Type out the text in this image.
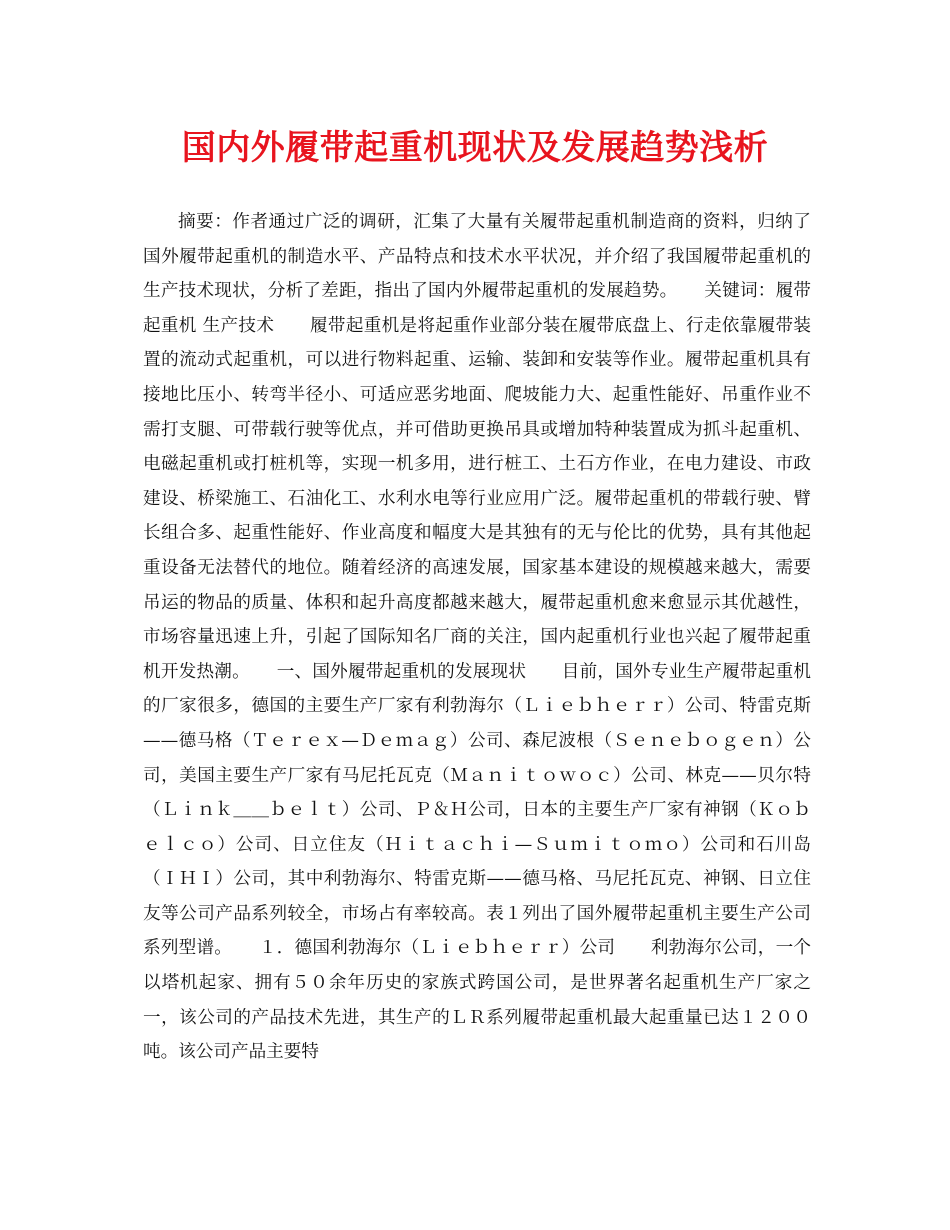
国内外履带起重机现状及发展趋势浅析

摘要：作者通过广泛的调研，汇集了大量有关履带起重机制造商的资料，归纳了国外履带起重机的制造水平、产品特点和技术水平状况，并介绍了我国履带起重机的生产技术现状，分析了差距，指出了国内外履带起重机的发展趋势。　　关键词：履带起重机 生产技术　　履带起重机是将起重作业部分装在履带底盘上、行走依靠履带装置的流动式起重机，可以进行物料起重、运输、装卸和安装等作业。履带起重机具有接地比压小、转弯半径小、可适应恶劣地面、爬坡能力大、起重性能好、吊重作业不需打支腿、可带载行驶等优点，并可借助更换吊具或增加特种装置成为抓斗起重机、电磁起重机或打桩机等，实现一机多用，进行桩工、土石方作业，在电力建设、市政建设、桥梁施工、石油化工、水利水电等行业应用广泛。履带起重机的带载行驶、臂长组合多、起重性能好、作业高度和幅度大是其独有的无与伦比的优势，具有其他起重设备无法替代的地位。随着经济的高速发展，国家基本建设的规模越来越大，需要吊运的物品的质量、体积和起升高度都越来越大，履带起重机愈来愈显示其优越性，市场容量迅速上升，引起了国际知名厂商的关注，国内起重机行业也兴起了履带起重机开发热潮。　　一、国外履带起重机的发展现状　　目前，国外专业生产履带起重机的厂家很多，德国的主要生产厂家有利勃海尔（Ｌｉｅｂｈｅｒｒ）公司、特雷克斯——德马格（Ｔｅｒｅｘ—Ｄｅｍａｇ）公司、森尼波根（Ｓｅｎｅｂｏｇｅｎ）公司，美国主要生产厂家有马尼托瓦克（Ｍａｎｉｔｏｗｏｃ）公司、林克——贝尔特（Ｌｉｎｋ＿＿ｂｅｌｔ）公司、Ｐ＆Ｈ公司，日本的主要生产厂家有神钢（Ｋｏｂｅｌｃｏ）公司、日立住友（Ｈｉｔａｃｈｉ—Ｓｕｍｉｔｏｍｏ）公司和石川岛（ＩＨＩ）公司，其中利勃海尔、特雷克斯——德马格、马尼托瓦克、神钢、日立住友等公司产品系列较全，市场占有率较高。表１列出了国外履带起重机主要生产公司系列型谱。　　１．德国利勃海尔（Ｌｉｅｂｈｅｒｒ）公司　　利勃海尔公司，一个以塔机起家、拥有５０余年历史的家族式跨国公司，是世界著名起重机生产厂家之一，该公司的产品技术先进，其生产的ＬＲ系列履带起重机最大起重量已达１２００吨。该公司产品主要特
